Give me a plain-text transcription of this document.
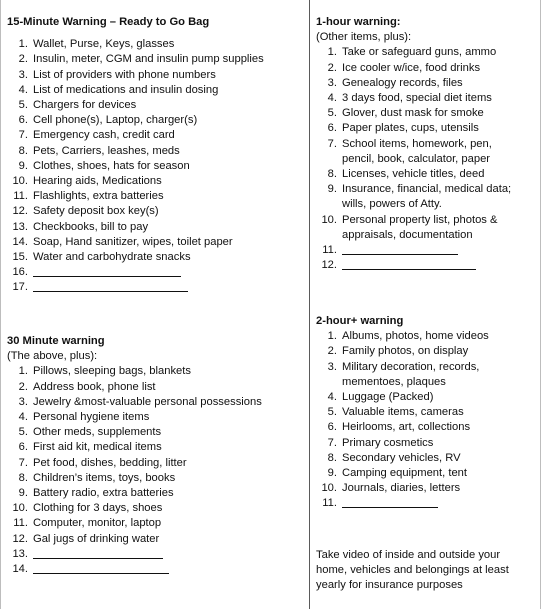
15-Minute Warning – Ready to Go Bag

1. Wallet, Purse, Keys, glasses
2. Insulin, meter, CGM and insulin pump supplies
3. List of providers with phone numbers
4. List of medications and insulin dosing
5. Chargers for devices
6. Cell phone(s), Laptop, charger(s)
7. Emergency cash, credit card
8. Pets, Carriers, leashes, meds
9. Clothes, shoes, hats for season
10. Hearing aids, Medications
11. Flashlights, extra batteries
12. Safety deposit box key(s)
13. Checkbooks, bill to pay
14. Soap, Hand sanitizer, wipes, toilet paper
15. Water and carbohydrate snacks
16.
17.

30 Minute warning

(The above, plus):

1. Pillows, sleeping bags, blankets
2. Address book, phone list
3. Jewelry &most-valuable personal possessions
4. Personal hygiene items
5. Other meds, supplements
6. First aid kit, medical items
7. Pet food, dishes, bedding, litter
8. Children’s items, toys, books
9. Battery radio, extra batteries
10. Clothing for 3 days, shoes
11. Computer, monitor, laptop
12. Gal jugs of drinking water
13.
14.

1-hour warning:

(Other items, plus):

1. Take or safeguard guns, ammo
2. Ice cooler w/ice, food drinks
3. Genealogy records, files
4. 3 days food, special diet items
5. Glover, dust mask for smoke
6. Paper plates, cups, utensils
7. School items, homework, pen, pencil, book, calculator, paper
8. Licenses, vehicle titles, deed
9. Insurance, financial, medical data; wills, powers of Atty.
10. Personal property list, photos & appraisals, documentation
11.
12.

2-hour+ warning

1. Albums, photos, home videos
2. Family photos, on display
3. Military decoration, records, mementoes, plaques
4. Luggage (Packed)
5. Valuable items, cameras
6. Heirlooms, art, collections
7. Primary cosmetics
8. Secondary vehicles, RV
9. Camping equipment, tent
10. Journals, diaries, letters
11.

Take video of inside and outside your home, vehicles and belongings at least yearly for insurance purposes
